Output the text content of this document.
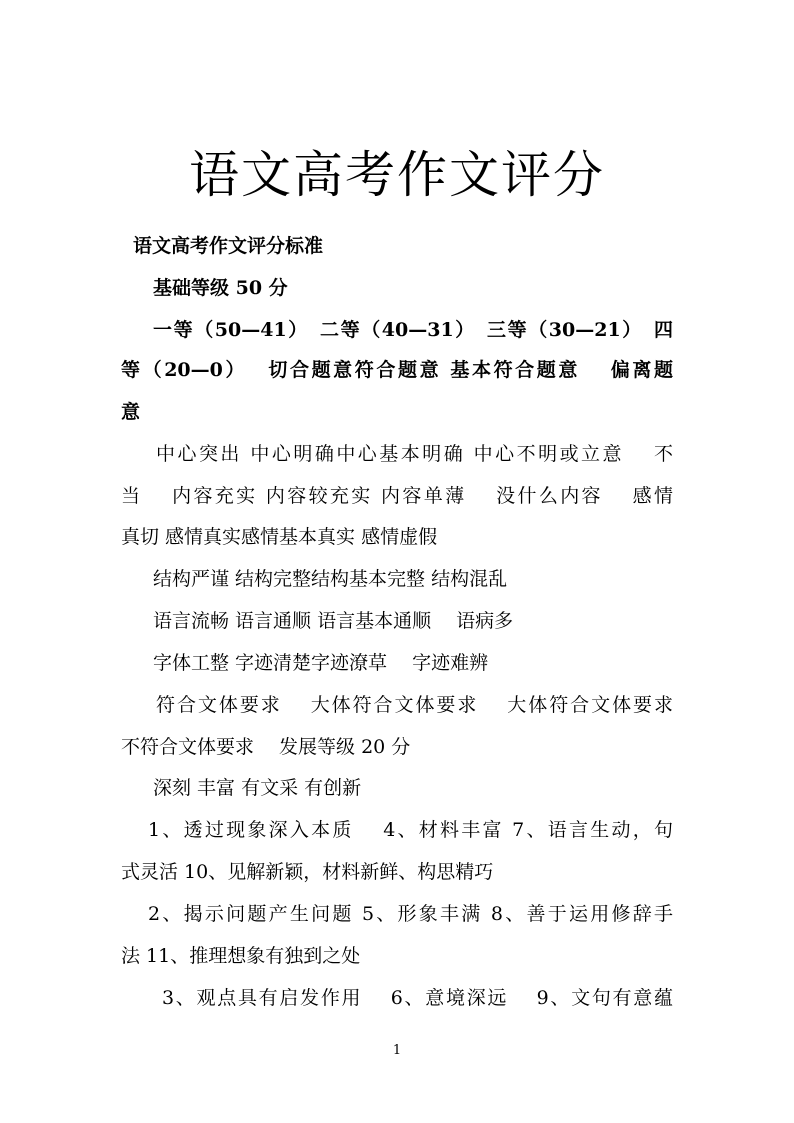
语文高考作文评分
语文高考作文评分标准
基础等级 50 分
一等（50—41）　二等（40—31）　三等（30—21）　四
等（20—0）　 切合题意符合题意 基本符合题意　 偏离题
意
中心突出 中心明确中心基本明确 中心不明或立意　 不
当　 内容充实 内容较充实 内容单薄　 没什么内容　 感情
真切 感情真实感情基本真实 感情虚假
结构严谨 结构完整结构基本完整 结构混乱
语言流畅 语言通顺 语言基本通顺　 语病多
字体工整 字迹清楚字迹潦草　 字迹难辨
符合文体要求　 大体符合文体要求　 大体符合文体要求
不符合文体要求　 发展等级 20 分
深刻 丰富 有文采 有创新
1、透过现象深入本质　 4、材料丰富 7、语言生动，句
式灵活 10、见解新颖，材料新鲜、构思精巧
2、揭示问题产生问题 5、形象丰满 8、善于运用修辞手
法 11、推理想象有独到之处
3、观点具有启发作用　 6、意境深远　 9、文句有意蕴
1
